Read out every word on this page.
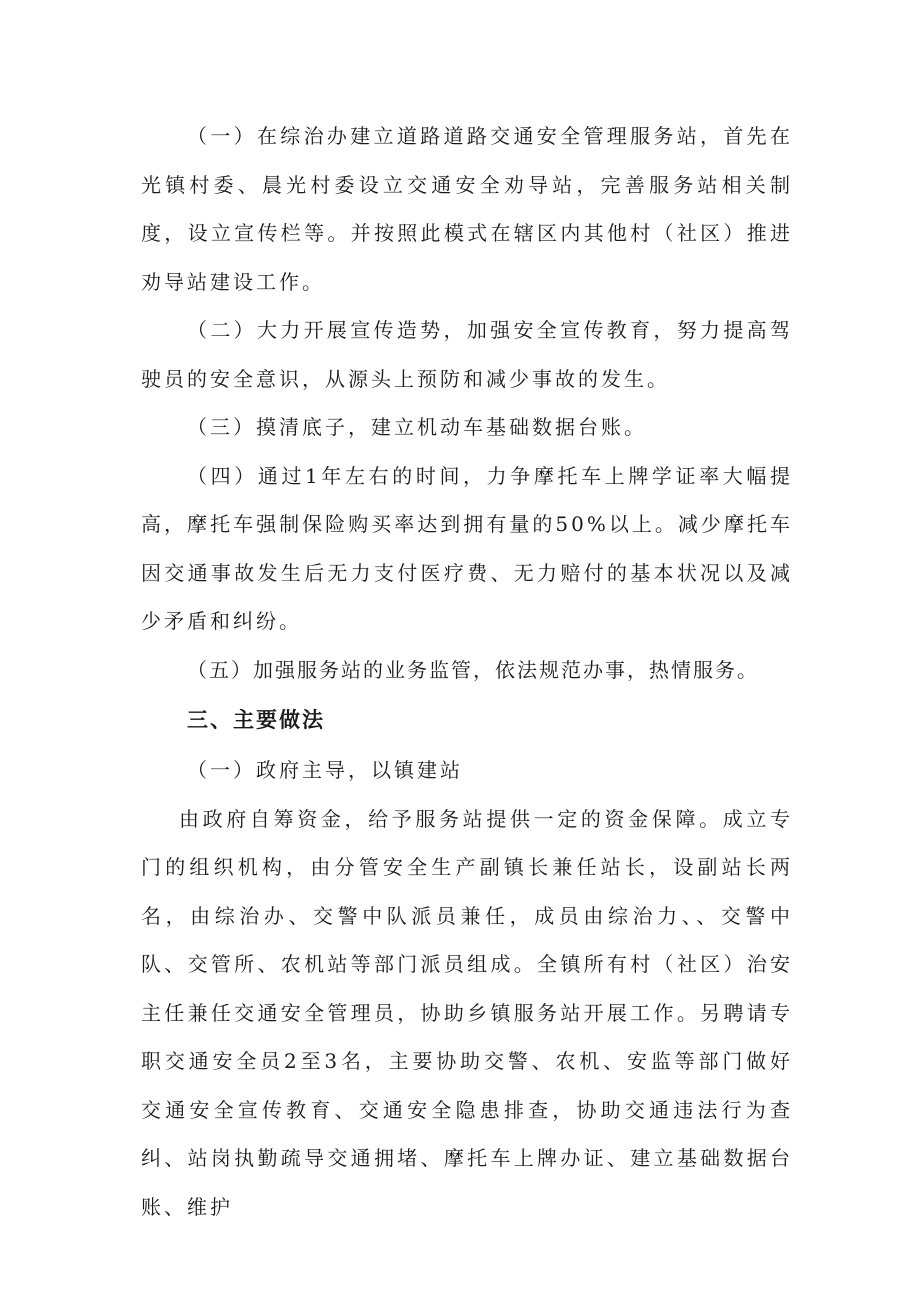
（一）在综治办建立道路道路交通安全管理服务站，首先在光镇村委、晨光村委设立交通安全劝导站，完善服务站相关制度，设立宣传栏等。并按照此模式在辖区内其他村（社区）推进劝导站建设工作。

（二）大力开展宣传造势，加强安全宣传教育，努力提高驾驶员的安全意识，从源头上预防和减少事故的发生。

（三）摸清底子，建立机动车基础数据台账。

（四）通过1年左右的时间，力争摩托车上牌学证率大幅提高，摩托车强制保险购买率达到拥有量的50%以上。减少摩托车因交通事故发生后无力支付医疗费、无力赔付的基本状况以及减少矛盾和纠纷。

（五）加强服务站的业务监管，依法规范办事，热情服务。

三、主要做法

（一）政府主导，以镇建站

由政府自筹资金，给予服务站提供一定的资金保障。成立专门的组织机构，由分管安全生产副镇长兼任站长，设副站长两名，由综治办、交警中队派员兼任，成员由综治力、、交警中队、交管所、农机站等部门派员组成。全镇所有村（社区）治安主任兼任交通安全管理员，协助乡镇服务站开展工作。另聘请专职交通安全员2至3名，主要协助交警、农机、安监等部门做好交通安全宣传教育、交通安全隐患排查，协助交通违法行为查纠、站岗执勤疏导交通拥堵、摩托车上牌办证、建立基础数据台账、维护
